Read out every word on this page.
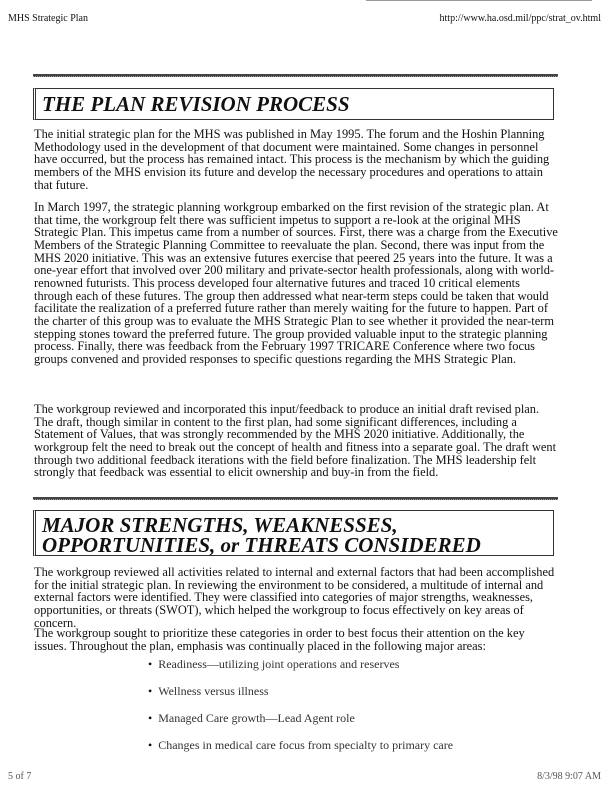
MHS Strategic Plan	http://www.ha.osd.mil/ppc/strat_ov.html
THE PLAN REVISION PROCESS

The initial strategic plan for the MHS was published in May 1995. The forum and the Hoshin Planning Methodology used in the development of that document were maintained. Some changes in personnel have occurred, but the process has remained intact. This process is the mechanism by which the guiding members of the MHS envision its future and develop the necessary procedures and operations to attain that future.

In March 1997, the strategic planning workgroup embarked on the first revision of the strategic plan. At that time, the workgroup felt there was sufficient impetus to support a re-look at the original MHS Strategic Plan. This impetus came from a number of sources. First, there was a charge from the Executive Members of the Strategic Planning Committee to reevaluate the plan. Second, there was input from the MHS 2020 initiative. This was an extensive futures exercise that peered 25 years into the future. It was a one-year effort that involved over 200 military and private-sector health professionals, along with world-renowned futurists. This process developed four alternative futures and traced 10 critical elements through each of these futures. The group then addressed what near-term steps could be taken that would facilitate the realization of a preferred future rather than merely waiting for the future to happen. Part of the charter of this group was to evaluate the MHS Strategic Plan to see whether it provided the near-term stepping stones toward the preferred future. The group provided valuable input to the strategic planning process. Finally, there was feedback from the February 1997 TRICARE Conference where two focus groups convened and provided responses to specific questions regarding the MHS Strategic Plan.

The workgroup reviewed and incorporated this input/feedback to produce an initial draft revised plan. The draft, though similar in content to the first plan, had some significant differences, including a Statement of Values, that was strongly recommended by the MHS 2020 initiative. Additionally, the workgroup felt the need to break out the concept of health and fitness into a separate goal. The draft went through two additional feedback iterations with the field before finalization. The MHS leadership felt strongly that feedback was essential to elicit ownership and buy-in from the field.

MAJOR STRENGTHS, WEAKNESSES, OPPORTUNITIES, or THREATS CONSIDERED

The workgroup reviewed all activities related to internal and external factors that had been accomplished for the initial strategic plan. In reviewing the environment to be considered, a multitude of internal and external factors were identified. They were classified into categories of major strengths, weaknesses, opportunities, or threats (SWOT), which helped the workgroup to focus effectively on key areas of concern.

The workgroup sought to prioritize these categories in order to best focus their attention on the key issues. Throughout the plan, emphasis was continually placed in the following major areas:

• Readiness—utilizing joint operations and reserves
• Wellness versus illness
• Managed Care growth—Lead Agent role
• Changes in medical care focus from specialty to primary care
5 of 7	8/3/98 9:07 AM
